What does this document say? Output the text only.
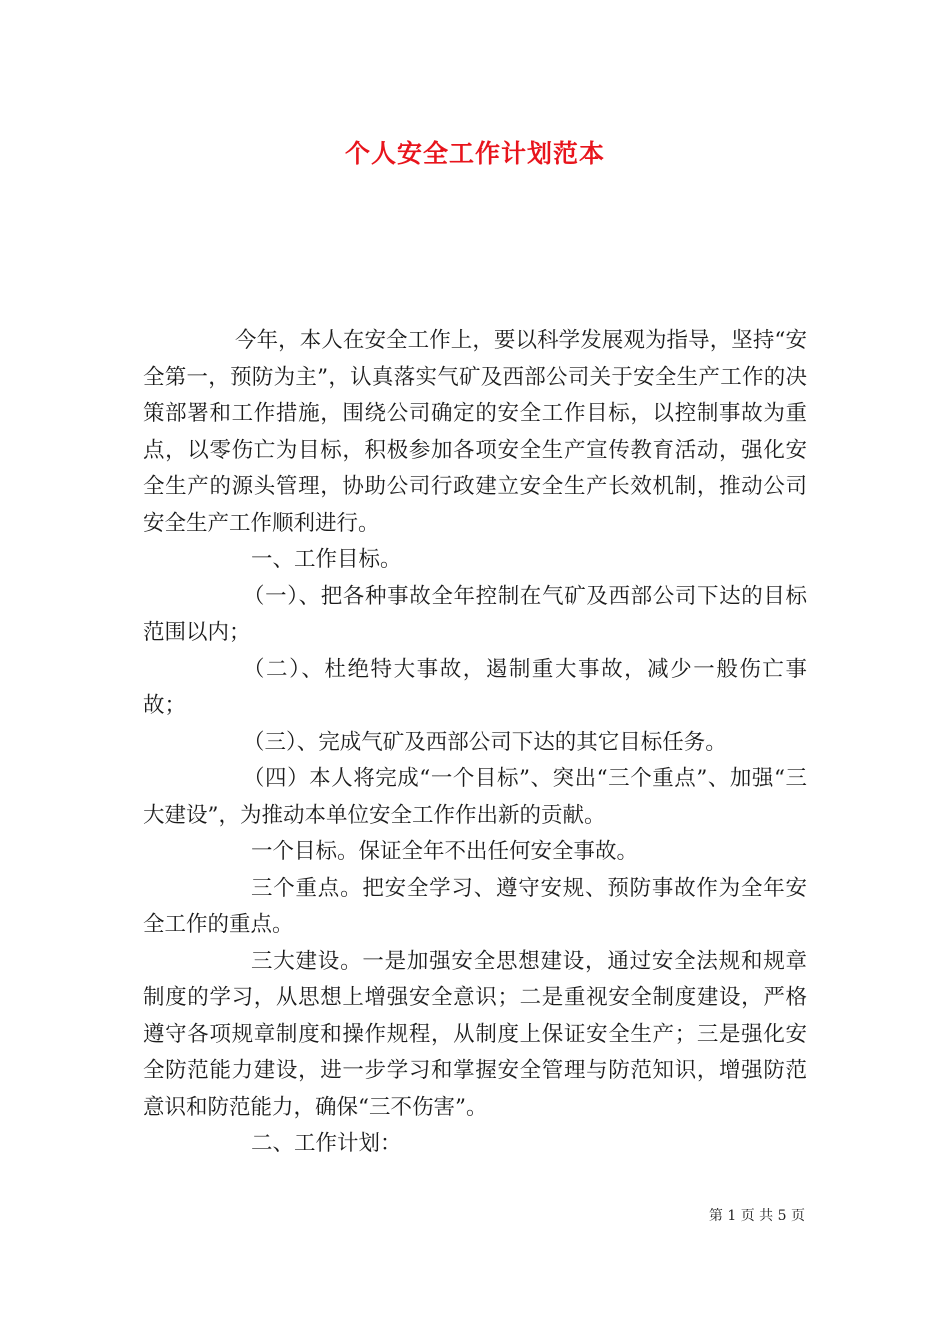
个人安全工作计划范本

今年，本人在安全工作上，要以科学发展观为指导，坚持“安全第一，预防为主”，认真落实气矿及西部公司关于安全生产工作的决策部署和工作措施，围绕公司确定的安全工作目标，以控制事故为重点，以零伤亡为目标，积极参加各项安全生产宣传教育活动，强化安全生产的源头管理，协助公司行政建立安全生产长效机制，推动公司安全生产工作顺利进行。

一、工作目标。

（一）、把各种事故全年控制在气矿及西部公司下达的目标范围以内；

（二）、杜绝特大事故，遏制重大事故，减少一般伤亡事故；

（三）、完成气矿及西部公司下达的其它目标任务。

（四）本人将完成“一个目标”、突出“三个重点”、加强“三大建设”，为推动本单位安全工作作出新的贡献。

一个目标。保证全年不出任何安全事故。

三个重点。把安全学习、遵守安规、预防事故作为全年安全工作的重点。

三大建设。一是加强安全思想建设，通过安全法规和规章制度的学习，从思想上增强安全意识；二是重视安全制度建设，严格遵守各项规章制度和操作规程，从制度上保证安全生产；三是强化安全防范能力建设，进一步学习和掌握安全管理与防范知识，增强防范意识和防范能力，确保“三不伤害”。

二、工作计划：

第 1 页 共 5 页
